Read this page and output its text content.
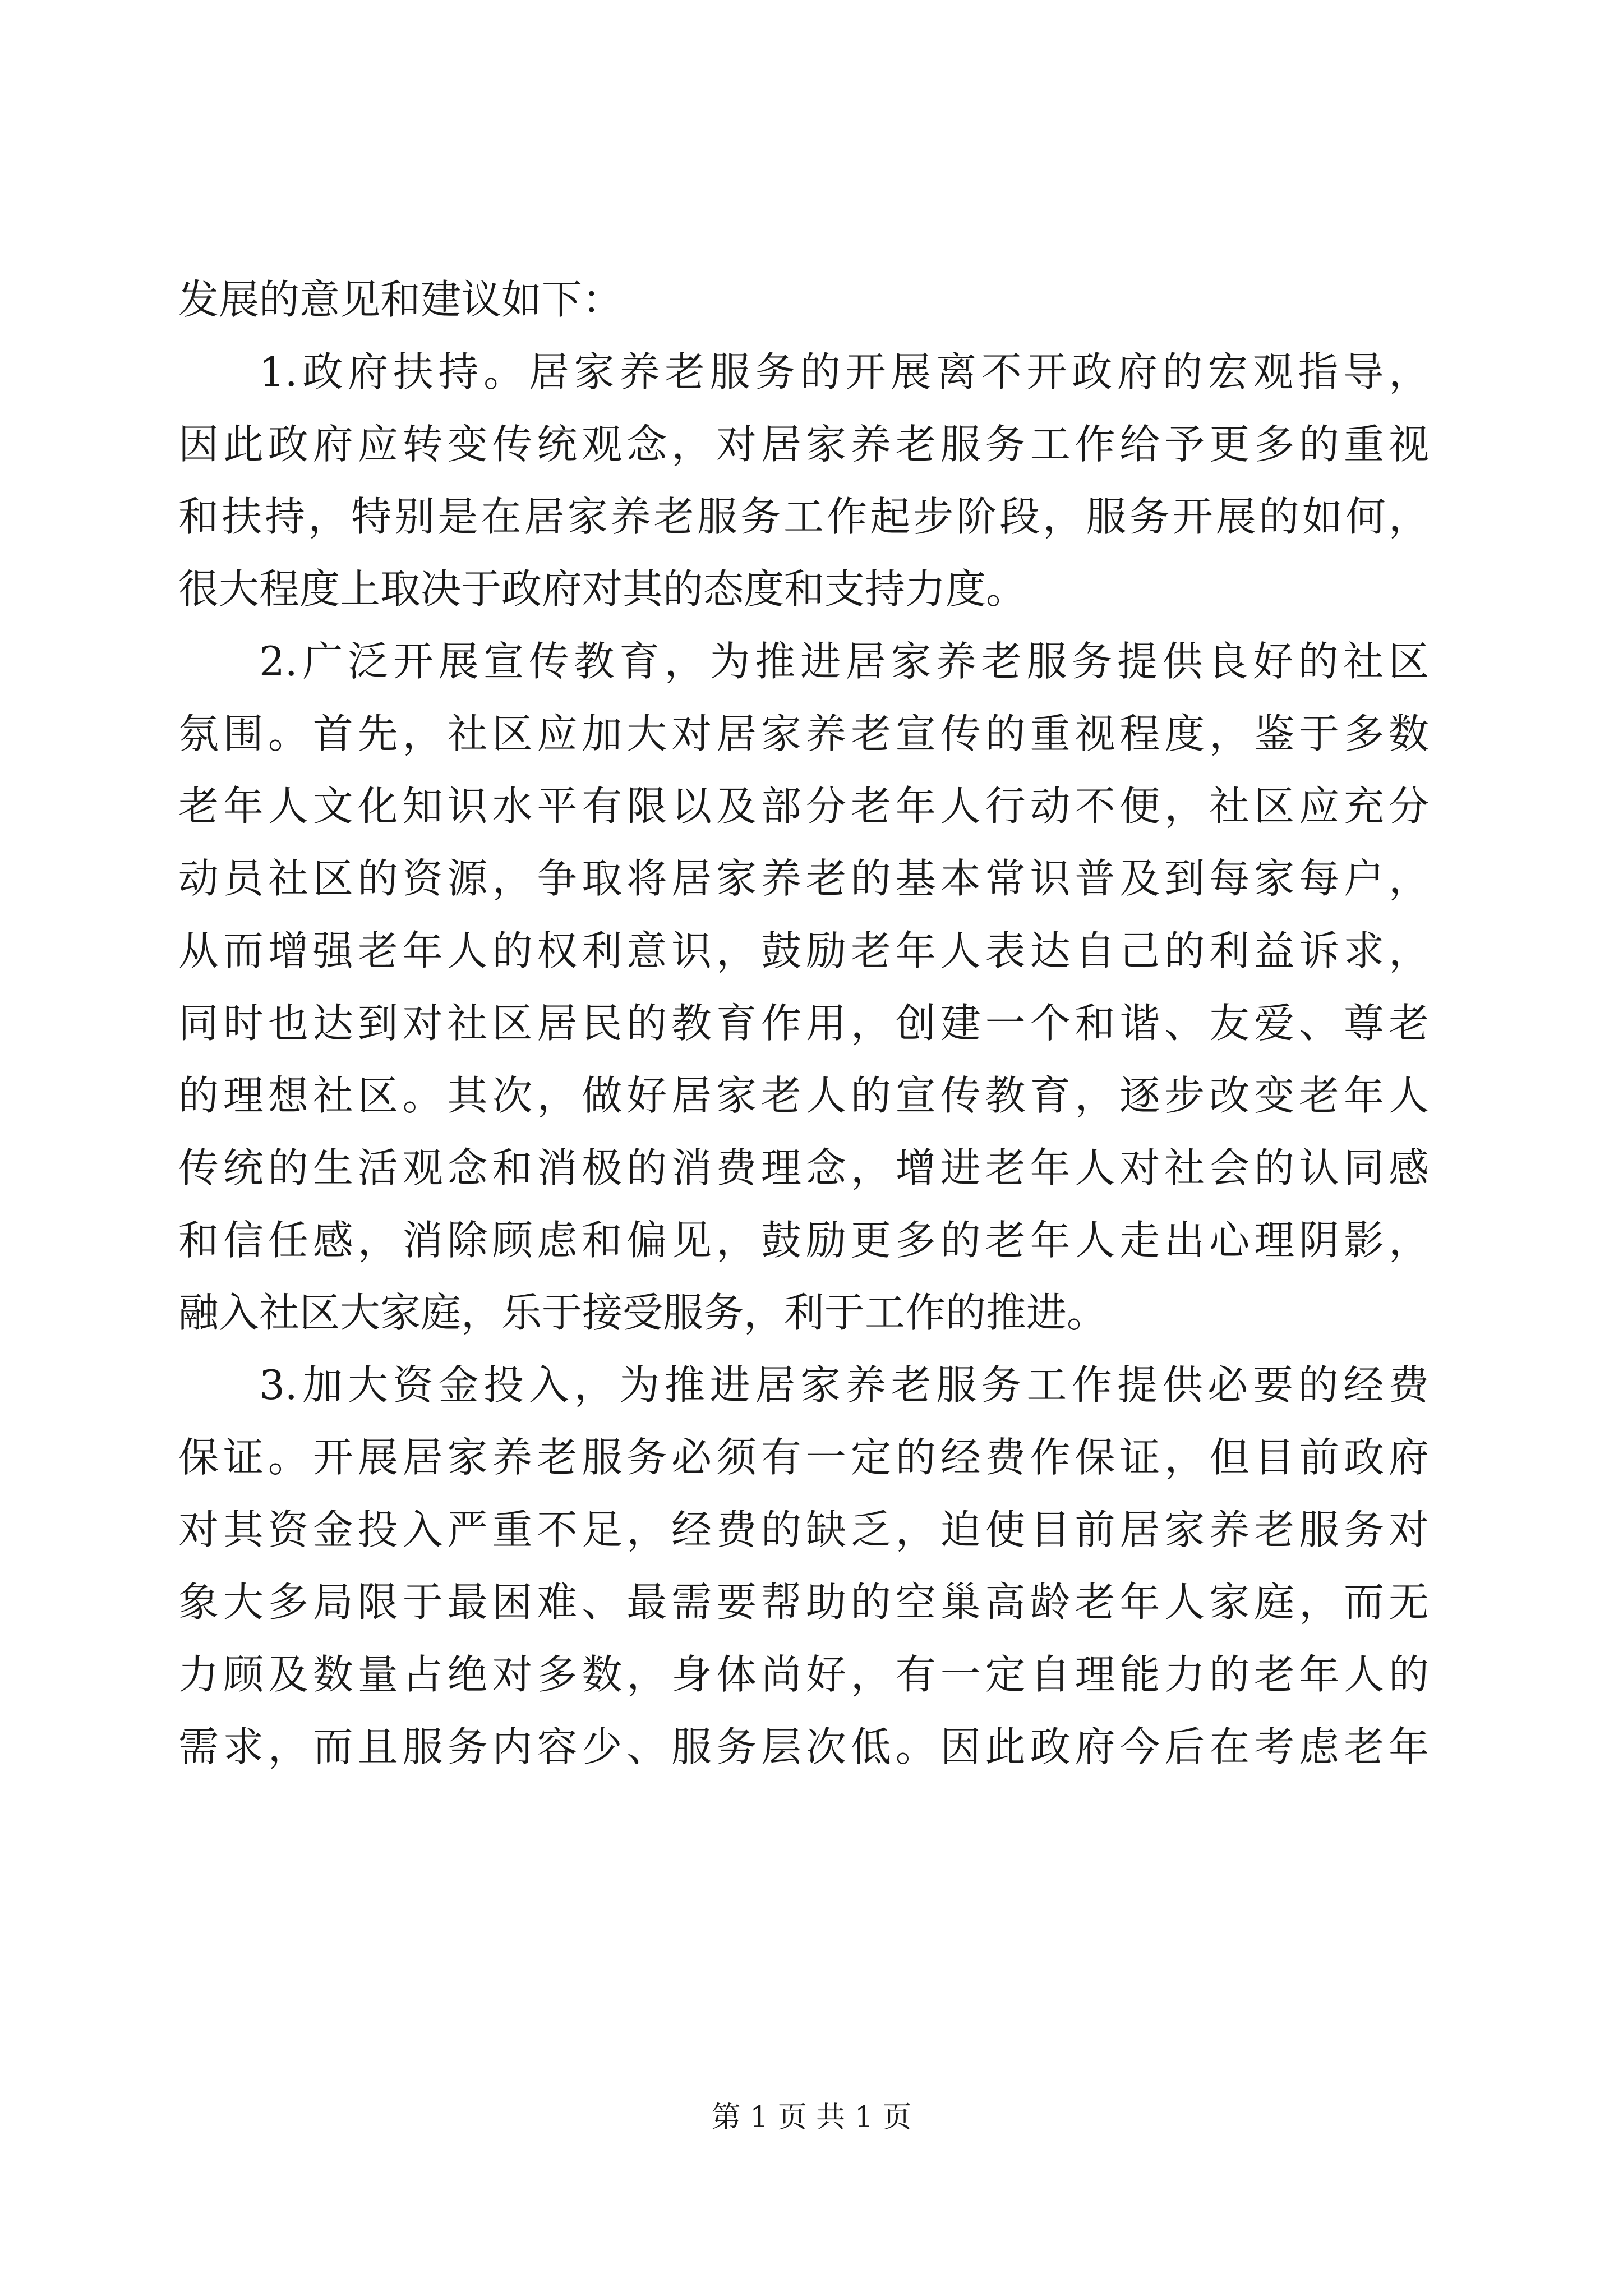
发展的意见和建议如下：
1.政府扶持。居家养老服务的开展离不开政府的宏观指导，
因此政府应转变传统观念，对居家养老服务工作给予更多的重视
和扶持，特别是在居家养老服务工作起步阶段，服务开展的如何，
很大程度上取决于政府对其的态度和支持力度。
2.广泛开展宣传教育，为推进居家养老服务提供良好的社区
氛围。首先，社区应加大对居家养老宣传的重视程度，鉴于多数
老年人文化知识水平有限以及部分老年人行动不便，社区应充分
动员社区的资源，争取将居家养老的基本常识普及到每家每户，
从而增强老年人的权利意识，鼓励老年人表达自己的利益诉求，
同时也达到对社区居民的教育作用，创建一个和谐、友爱、尊老
的理想社区。其次，做好居家老人的宣传教育，逐步改变老年人
传统的生活观念和消极的消费理念，增进老年人对社会的认同感
和信任感，消除顾虑和偏见，鼓励更多的老年人走出心理阴影，
融入社区大家庭，乐于接受服务，利于工作的推进。
3.加大资金投入，为推进居家养老服务工作提供必要的经费
保证。开展居家养老服务必须有一定的经费作保证，但目前政府
对其资金投入严重不足，经费的缺乏，迫使目前居家养老服务对
象大多局限于最困难、最需要帮助的空巢高龄老年人家庭，而无
力顾及数量占绝对多数，身体尚好，有一定自理能力的老年人的
需求，而且服务内容少、服务层次低。因此政府今后在考虑老年
第 1 页 共 1 页
